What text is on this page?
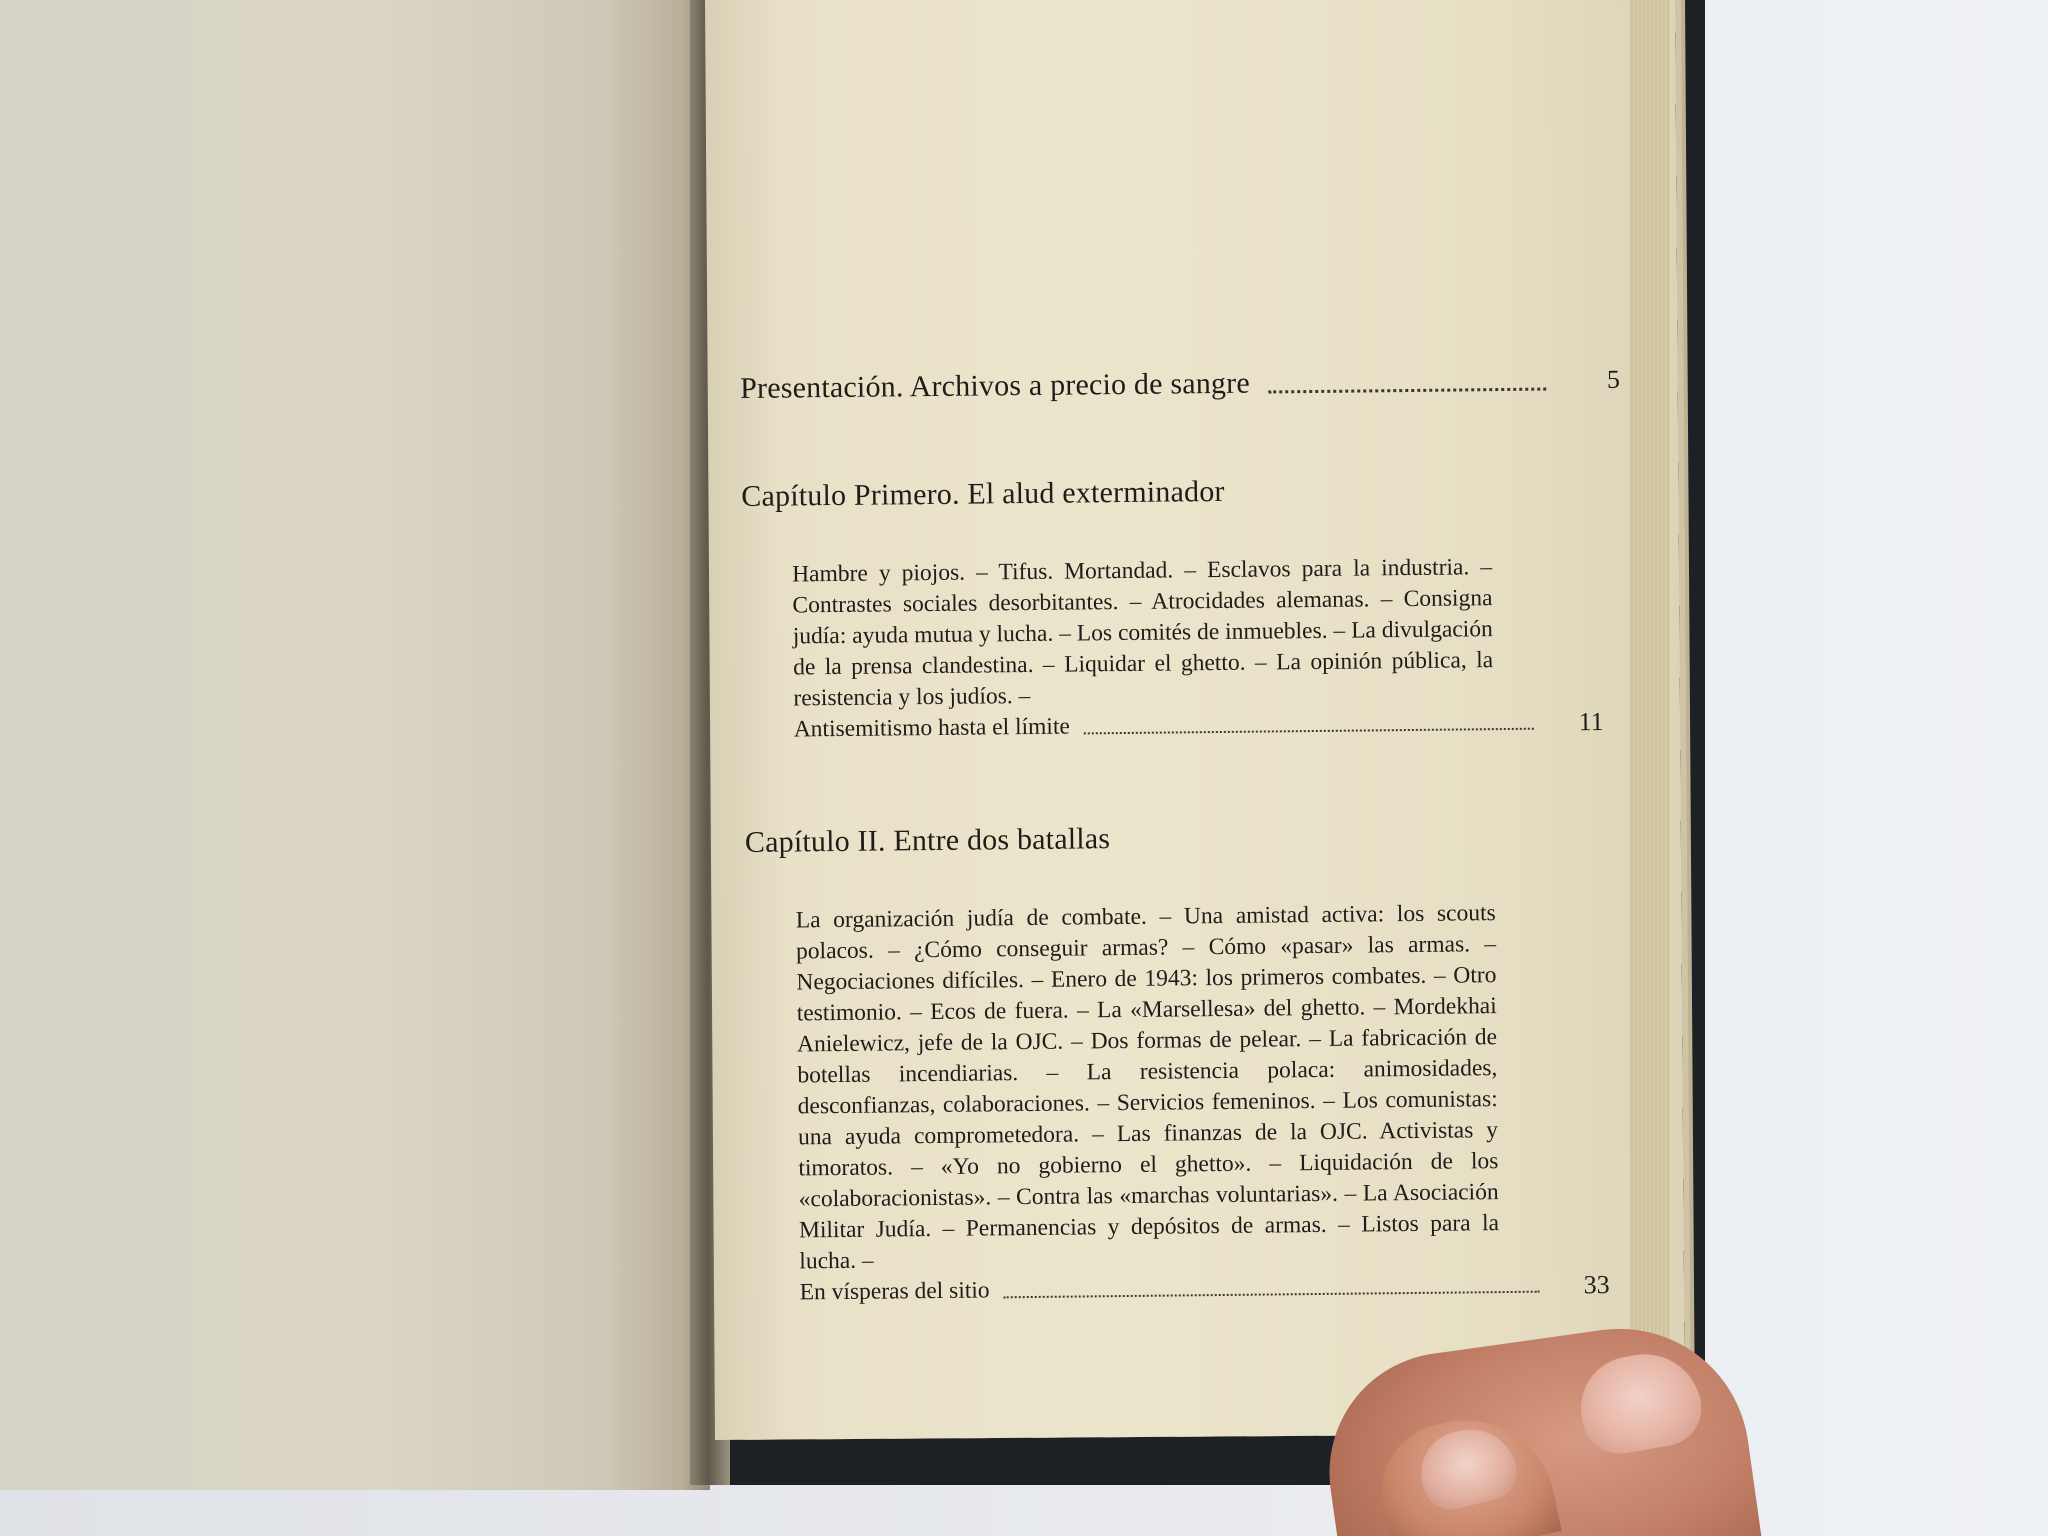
Presentación. Archivos a precio de sangre	5
Capítulo Primero. El alud exterminador
Hambre y piojos. – Tifus. Mortandad. – Esclavos para la industria. – Contrastes sociales desorbitantes. – Atrocidades alemanas. – Consigna judía: ayuda mutua y lucha. – Los comités de inmuebles. – La divulgación de la prensa clandestina. – Liquidar el ghetto. – La opinión pública, la resistencia y los judíos. –
Antisemitismo hasta el límite	11
Capítulo II. Entre dos batallas
La organización judía de combate. – Una amistad activa: los scouts polacos. – ¿Cómo conseguir armas? – Cómo «pasar» las armas. – Negociaciones difíciles. – Enero de 1943: los primeros combates. – Otro testimonio. – Ecos de fuera. – La «Marsellesa» del ghetto. – Mordekhai Anielewicz, jefe de la OJC. – Dos formas de pelear. – La fabricación de botellas incendiarias. – La resistencia polaca: animosidades, desconfianzas, colaboraciones. – Servicios femeninos. – Los comunistas: una ayuda comprometedora. – Las finanzas de la OJC. Activistas y timoratos. – «Yo no gobierno el ghetto». – Liquidación de los «colaboracionistas». – Contra las «marchas voluntarias». – La Asociación Militar Judía. – Permanencias y depósitos de armas. – Listos para la lucha. –
En vísperas del sitio	33
